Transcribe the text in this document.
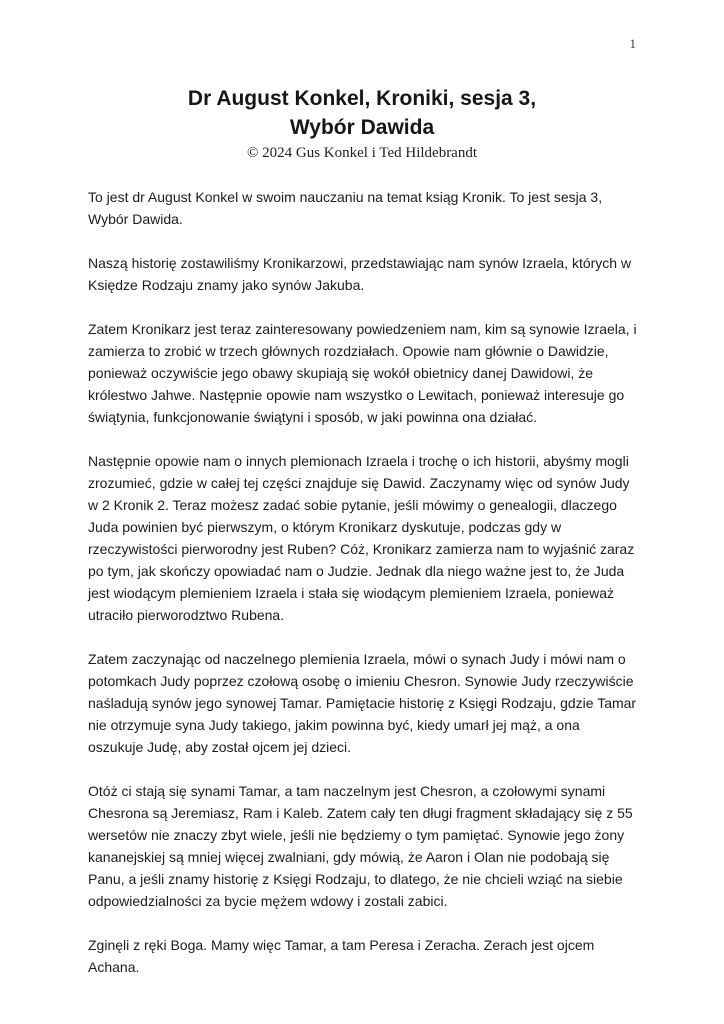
1
Dr August Konkel, Kroniki, sesja 3,
Wybór Dawida

© 2024 Gus Konkel i Ted Hildebrandt

To jest dr August Konkel w swoim nauczaniu na temat ksiąg Kronik. To jest sesja 3, Wybór Dawida.

Naszą historię zostawiliśmy Kronikarzowi, przedstawiając nam synów Izraela, których w Księdze Rodzaju znamy jako synów Jakuba.

Zatem Kronikarz jest teraz zainteresowany powiedzeniem nam, kim są synowie Izraela, i zamierza to zrobić w trzech głównych rozdziałach. Opowie nam głównie o Dawidzie, ponieważ oczywiście jego obawy skupiają się wokół obietnicy danej Dawidowi, że królestwo Jahwe. Następnie opowie nam wszystko o Lewitach, ponieważ interesuje go świątynia, funkcjonowanie świątyni i sposób, w jaki powinna ona działać.

Następnie opowie nam o innych plemionach Izraela i trochę o ich historii, abyśmy mogli zrozumieć, gdzie w całej tej części znajduje się Dawid. Zaczynamy więc od synów Judy w 2 Kronik 2. Teraz możesz zadać sobie pytanie, jeśli mówimy o genealogii, dlaczego Juda powinien być pierwszym, o którym Kronikarz dyskutuje, podczas gdy w rzeczywistości pierworodny jest Ruben? Cóż, Kronikarz zamierza nam to wyjaśnić zaraz po tym, jak skończy opowiadać nam o Judzie. Jednak dla niego ważne jest to, że Juda jest wiodącym plemieniem Izraela i stała się wiodącym plemieniem Izraela, ponieważ utraciło pierworodztwo Rubena.

Zatem zaczynając od naczelnego plemienia Izraela, mówi o synach Judy i mówi nam o potomkach Judy poprzez czołową osobę o imieniu Chesron. Synowie Judy rzeczywiście naśladują synów jego synowej Tamar. Pamiętacie historię z Księgi Rodzaju, gdzie Tamar nie otrzymuje syna Judy takiego, jakim powinna być, kiedy umarł jej mąż, a ona oszukuje Judę, aby został ojcem jej dzieci.

Otóż ci stają się synami Tamar, a tam naczelnym jest Chesron, a czołowymi synami Chesrona są Jeremiasz, Ram i Kaleb. Zatem cały ten długi fragment składający się z 55 wersetów nie znaczy zbyt wiele, jeśli nie będziemy o tym pamiętać. Synowie jego żony kananejskiej są mniej więcej zwalniani, gdy mówią, że Aaron i Olan nie podobają się Panu, a jeśli znamy historię z Księgi Rodzaju, to dlatego, że nie chcieli wziąć na siebie odpowiedzialności za bycie mężem wdowy i zostali zabici.

Zginęli z ręki Boga. Mamy więc Tamar, a tam Peresa i Zeracha. Zerach jest ojcem Achana.
